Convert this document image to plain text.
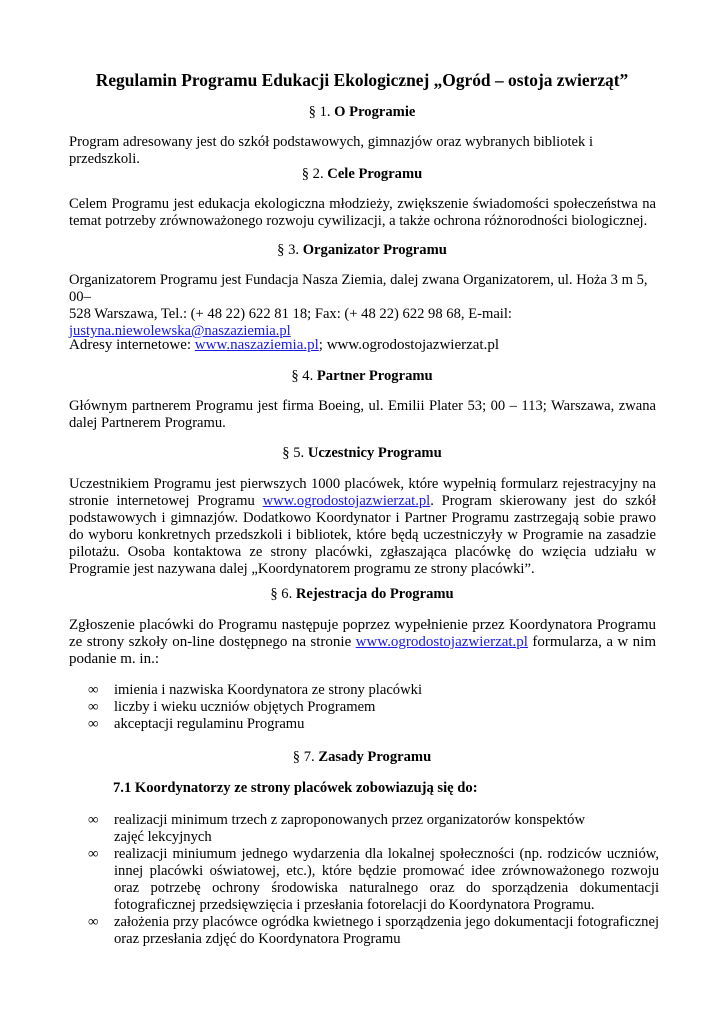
Regulamin Programu Edukacji Ekologicznej „Ogród – ostoja zwierząt”
§ 1. O Programie
Program adresowany jest do szkół podstawowych, gimnazjów oraz wybranych bibliotek i przedszkoli.
§ 2. Cele Programu
Celem Programu jest edukacja ekologiczna młodzieży, zwiększenie świadomości społeczeństwa na temat potrzeby zrównoważonego rozwoju cywilizacji, a także ochrona różnorodności biologicznej.
§ 3. Organizator Programu
Organizatorem Programu jest Fundacja Nasza Ziemia, dalej zwana Organizatorem, ul. Hoża 3 m 5, 00–
528 Warszawa, Tel.: (+ 48 22) 622 81 18; Fax: (+ 48 22) 622 98 68, E-mail:
justyna.niewolewska@naszaziemia.pl
Adresy internetowe: www.naszaziemia.pl; www.ogrodostojazwierzat.pl
§ 4. Partner Programu
Głównym partnerem Programu jest firma Boeing, ul. Emilii Plater 53; 00 – 113; Warszawa, zwana dalej Partnerem Programu.
§ 5. Uczestnicy Programu
Uczestnikiem Programu jest pierwszych 1000 placówek, które wypełnią formularz rejestracyjny na stronie internetowej Programu www.ogrodostojazwierzat.pl. Program skierowany jest do szkół podstawowych i gimnazjów. Dodatkowo Koordynator i Partner Programu zastrzegają sobie prawo do wyboru konkretnych przedszkoli i bibliotek, które będą uczestniczyły w Programie na zasadzie pilotażu. Osoba kontaktowa ze strony placówki, zgłaszająca placówkę do wzięcia udziału w Programie jest nazywana dalej „Koordynatorem programu ze strony placówki”.
§ 6. Rejestracja do Programu
Zgłoszenie placówki do Programu następuje poprzez wypełnienie przez Koordynatora Programu ze strony szkoły on-line dostępnego na stronie www.ogrodostojazwierzat.pl formularza, a w nim podanie m. in.:
∞ imienia i nazwiska Koordynatora ze strony placówki
∞ liczby i wieku uczniów objętych Programem
∞ akceptacji regulaminu Programu
§ 7. Zasady Programu
7.1 Koordynatorzy ze strony placówek zobowiazują się do:
∞ realizacji minimum trzech z zaproponowanych przez organizatorów konspektów zajęć lekcyjnych
∞ realizacji miniumum jednego wydarzenia dla lokalnej społeczności (np. rodziców uczniów, innej placówki oświatowej, etc.), które będzie promować idee zrównoważonego rozwoju oraz potrzebę ochrony środowiska naturalnego oraz do sporządzenia dokumentacji fotograficznej przedsięwzięcia i przesłania fotorelacji do Koordynatora Programu.
∞ założenia przy placówce ogródka kwietnego i sporządzenia jego dokumentacji fotograficznej oraz przesłania zdjęć do Koordynatora Programu
